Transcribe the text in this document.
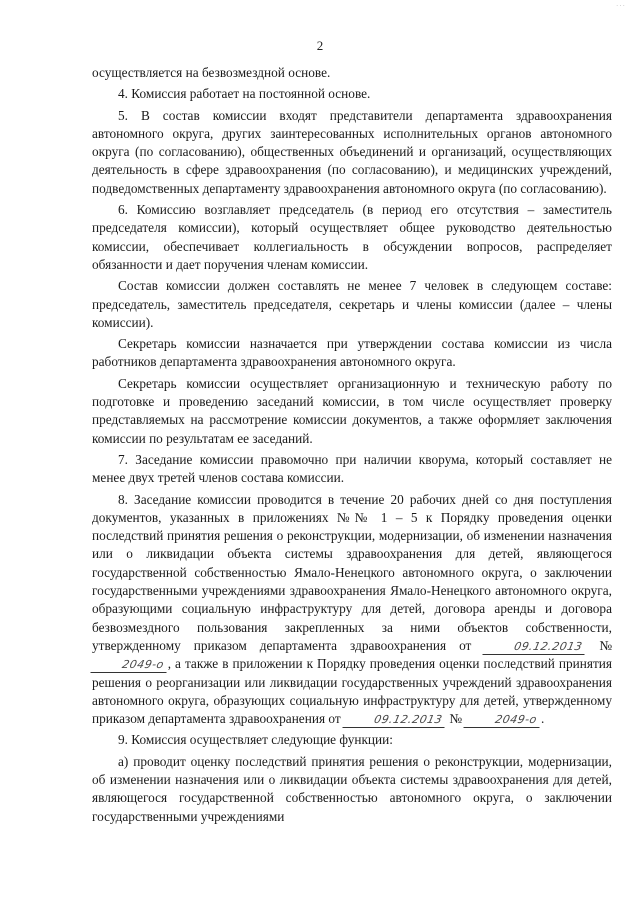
···
2

осуществляется на безвозмездной основе.

4. Комиссия работает на постоянной основе.

5. В состав комиссии входят представители департамента здравоохранения автономного округа, других заинтересованных исполнительных органов автономного округа (по согласованию), общественных объединений и организаций, осуществляющих деятельность в сфере здравоохранения (по согласованию), и медицинских учреждений, подведомственных департаменту здравоохранения автономного округа (по согласованию).

6. Комиссию возглавляет председатель (в период его отсутствия – заместитель председателя комиссии), который осуществляет общее руководство деятельностью комиссии, обеспечивает коллегиальность в обсуждении вопросов, распределяет обязанности и дает поручения членам комиссии.

Состав комиссии должен составлять не менее 7 человек в следующем составе: председатель, заместитель председателя, секретарь и члены комиссии (далее – члены комиссии).

Секретарь комиссии назначается при утверждении состава комиссии из числа работников департамента здравоохранения автономного округа.

Секретарь комиссии осуществляет организационную и техническую работу по подготовке и проведению заседаний комиссии, в том числе осуществляет проверку представляемых на рассмотрение комиссии документов, а также оформляет заключения комиссии по результатам ее заседаний.

7. Заседание комиссии правомочно при наличии кворума, который составляет не менее двух третей членов состава комиссии.

8. Заседание комиссии проводится в течение 20 рабочих дней со дня поступления документов, указанных в приложениях №№ 1 – 5 к Порядку проведения оценки последствий принятия решения о реконструкции, модернизации, об изменении назначения или о ликвидации объекта системы здравоохранения для детей, являющегося государственной собственностью Ямало-Ненецкого автономного округа, о заключении государственными учреждениями здравоохранения Ямало-Ненецкого автономного округа, образующими социальную инфраструктуру для детей, договора аренды и договора безвозмездного пользования закрепленных за ними объектов собственности, утвержденному приказом департамента здравоохранения от	09.12.2013 № 2049-о , а также в приложении к Порядку проведения оценки последствий принятия решения о реорганизации или ликвидации государственных учреждений здравоохранения автономного округа, образующих социальную инфраструктуру для детей, утвержденному приказом департамента здравоохранения от	09.12.2013 №	2049-о .

9. Комиссия осуществляет следующие функции:

а) проводит оценку последствий принятия решения о реконструкции, модернизации, об изменении назначения или о ликвидации объекта системы здравоохранения для детей, являющегося государственной собственностью автономного округа, о заключении государственными учреждениями
